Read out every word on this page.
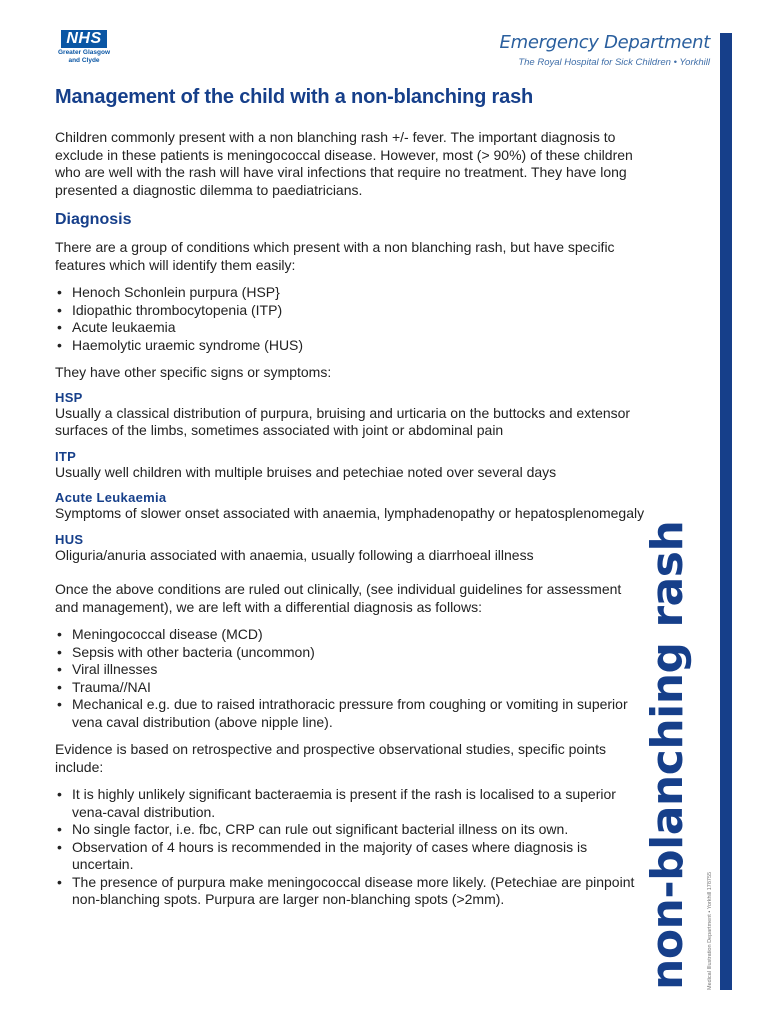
NHS
Greater Glasgow
and Clyde
Emergency Department
The Royal Hospital for Sick Children • Yorkhill
non-blanching rash	Medical Illustration Department • Yorkhill 178755
Management of the child with a non-blanching rash

Children commonly present with a non blanching rash +/- fever. The important diagnosis to exclude in these patients is meningococcal disease. However, most (> 90%) of these children who are well with the rash will have viral infections that require no treatment. They have long presented a diagnostic dilemma to paediatricians.

Diagnosis

There are a group of conditions which present with a non blanching rash, but have specific features which will identify them easily:

• Henoch Schonlein purpura (HSP}
• Idiopathic thrombocytopenia (ITP)
• Acute leukaemia
• Haemolytic uraemic syndrome (HUS)

They have other specific signs or symptoms:

HSP

Usually a classical distribution of purpura, bruising and urticaria on the buttocks and extensor surfaces of the limbs, sometimes associated with joint or abdominal pain

ITP

Usually well children with multiple bruises and petechiae noted over several days

Acute Leukaemia

Symptoms of slower onset associated with anaemia, lymphadenopathy or hepatosplenomegaly

HUS

Oliguria/anuria associated with anaemia, usually following a diarrhoeal illness

Once the above conditions are ruled out clinically, (see individual guidelines for assessment and management), we are left with a differential diagnosis as follows:

• Meningococcal disease (MCD)
• Sepsis with other bacteria (uncommon)
• Viral illnesses
• Trauma//NAI
• Mechanical e.g. due to raised intrathoracic pressure from coughing or vomiting in superior vena caval distribution (above nipple line).

Evidence is based on retrospective and prospective observational studies, specific points include:

• It is highly unlikely significant bacteraemia is present if the rash is localised to a superior vena-caval distribution.
• No single factor, i.e. fbc, CRP can rule out significant bacterial illness on its own.
• Observation of 4 hours is recommended in the majority of cases where diagnosis is uncertain.
• The presence of purpura make meningococcal disease more likely. (Petechiae are pinpoint non-blanching spots. Purpura are larger non-blanching spots (>2mm).
